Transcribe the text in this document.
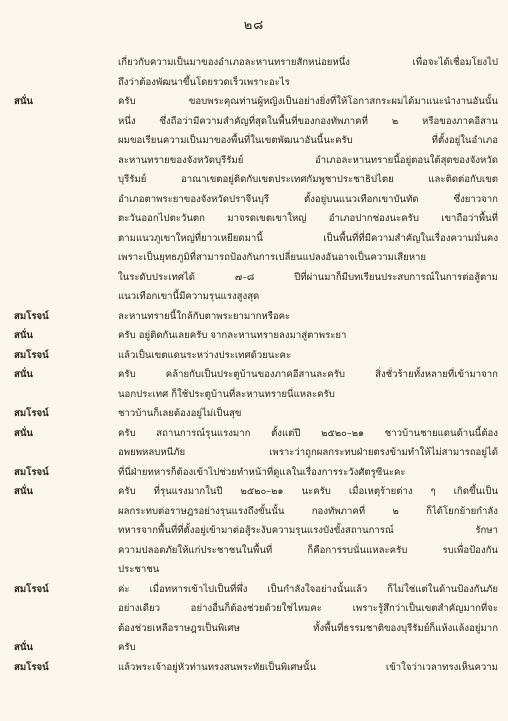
๒๘
เกี่ยวกับความเป็นมาของอำเภอละหานทรายสักหน่อยหนึ่ง เพื่อจะได้เชื่อมโยงไป
ถึงว่าต้องพัฒนาขึ้นโดยรวดเร็วเพราะอะไร
สนั่น	ครับ ขอบพระคุณท่านผู้หญิงเป็นอย่างยิ่งที่ให้โอกาสกระผมได้มาแนะนำงานอันนั้น
หนึ่ง ซึ่งถือว่ามีความสำคัญที่สุดในพื้นที่ของกองทัพภาคที่ ๒ หรือของภาคอีสาน
ผมขอเรียนความเป็นมาของพื้นที่ในเขตพัฒนาอันนี้นะครับ ที่ตั้งอยู่ในอำเภอ
ละหานทรายของจังหวัดบุรีรัมย์ อำเภอละหานทรายนี้อยู่ตอนใต้สุดของจังหวัด
บุรีรัมย์ อาณาเขตอยู่ติดกับเขตประเทศกัมพูชาประชาธิปไตย และติดต่อกับเขต
อำเภอตาพระยาของจังหวัดปราจีนบุรี ตั้งอยู่บนแนวเทือกเขาบันทัด ซึ่งยาวจาก
ตะวันออกไปตะวันตก มาจรดเขตเขาใหญ่ อำเภอปากช่องนะครับ เขาถือว่าพื้นที่
ตามแนวภูเขาใหญ่ที่ยาวเหยียดมานี้ เป็นพื้นที่ที่มีความสำคัญในเรื่องความมั่นคง
เพราะเป็นยุทธภูมิที่สามารถป้องกันการเปลี่ยนแปลงอันอาจเป็นความเสียหาย
ในระดับประเทศได้ ๗–๘ ปีที่ผ่านมาก็มีบทเรียนประสบการณ์ในการต่อสู้ตาม
แนวเทือกเขานี้มีความรุนแรงสูงสุด
สมโรจน์	ละหานทรายนี้ใกล้กับตาพระยามากหรือคะ
สนั่น	ครับ อยู่ติดกันเลยครับ จากละหานทรายลงมาสู่ตาพระยา
สมโรจน์	แล้วเป็นเขตแดนระหว่างประเทศด้วยนะคะ
สนั่น	ครับ คล้ายกับเป็นประตูบ้านของภาคอีสานละครับ สิ่งชั่วร้ายทั้งหลายที่เข้ามาจาก
นอกประเทศ ก็ใช้ประตูบ้านที่ละหานทรายนี่แหละครับ
สมโรจน์	ชาวบ้านก็เลยต้องอยู่ไม่เป็นสุข
สนั่น	ครับ สถานการณ์รุนแรงมาก ตั้งแต่ปี ๒๕๒๐–๒๑ ชาวบ้านชายแดนด้านนี้ต้อง
อพยพหลบหนีภัย เพราะว่าถูกผลกระทบฝ่ายตรงข้ามทำให้ไม่สามารถอยู่ได้
สมโรจน์	ที่นี่ฝ่ายทหารก็ต้องเข้าไปช่วยทำหน้าที่ดูแลในเรื่องการระวังศัตรูซีนะคะ
สนั่น	ครับ ที่รุนแรงมากในปี ๒๕๒๐–๒๑ นะครับ เมื่อเหตุร้ายต่าง ๆ เกิดขึ้นเป็น
ผลกระทบต่อราษฎรอย่างรุนแรงถึงขั้นนั้น กองทัพภาคที่ ๒ ก็ได้โยกย้ายกำลัง
ทหารจากพื้นที่ที่ตั้งอยู่เข้ามาต่อสู้ระงับความรุนแรงบังขั้งสถานการณ์ รักษา
ความปลอดภัยให้แก่ประชาชนในพื้นที่ ก็คือการรบนั่นแหละครับ รบเพื่อป้องกัน
ประชาชน
สมโรจน์	ค่ะ เมื่อทหารเข้าไปเป็นที่พึ่ง เป็นกำลังใจอย่างนั้นแล้ว ก็ไม่ใช่แต่ในด้านป้องกันภัย
อย่างเดียว อย่างอื่นก็ต้องช่วยด้วยใช่ไหมคะ เพราะรู้สึกว่าเป็นเขตสำคัญมากที่จะ
ต้องช่วยเหลือราษฎรเป็นพิเศษ ทั้งพื้นที่ธรรมชาติของบุรีรัมย์ก็แห้งแล้งอยู่มาก
สนั่น	ครับ
สมโรจน์	แล้วพระเจ้าอยู่หัวท่านทรงสนพระทัยเป็นพิเศษนั้น เข้าใจว่าเวลาทรงเห็นความ
